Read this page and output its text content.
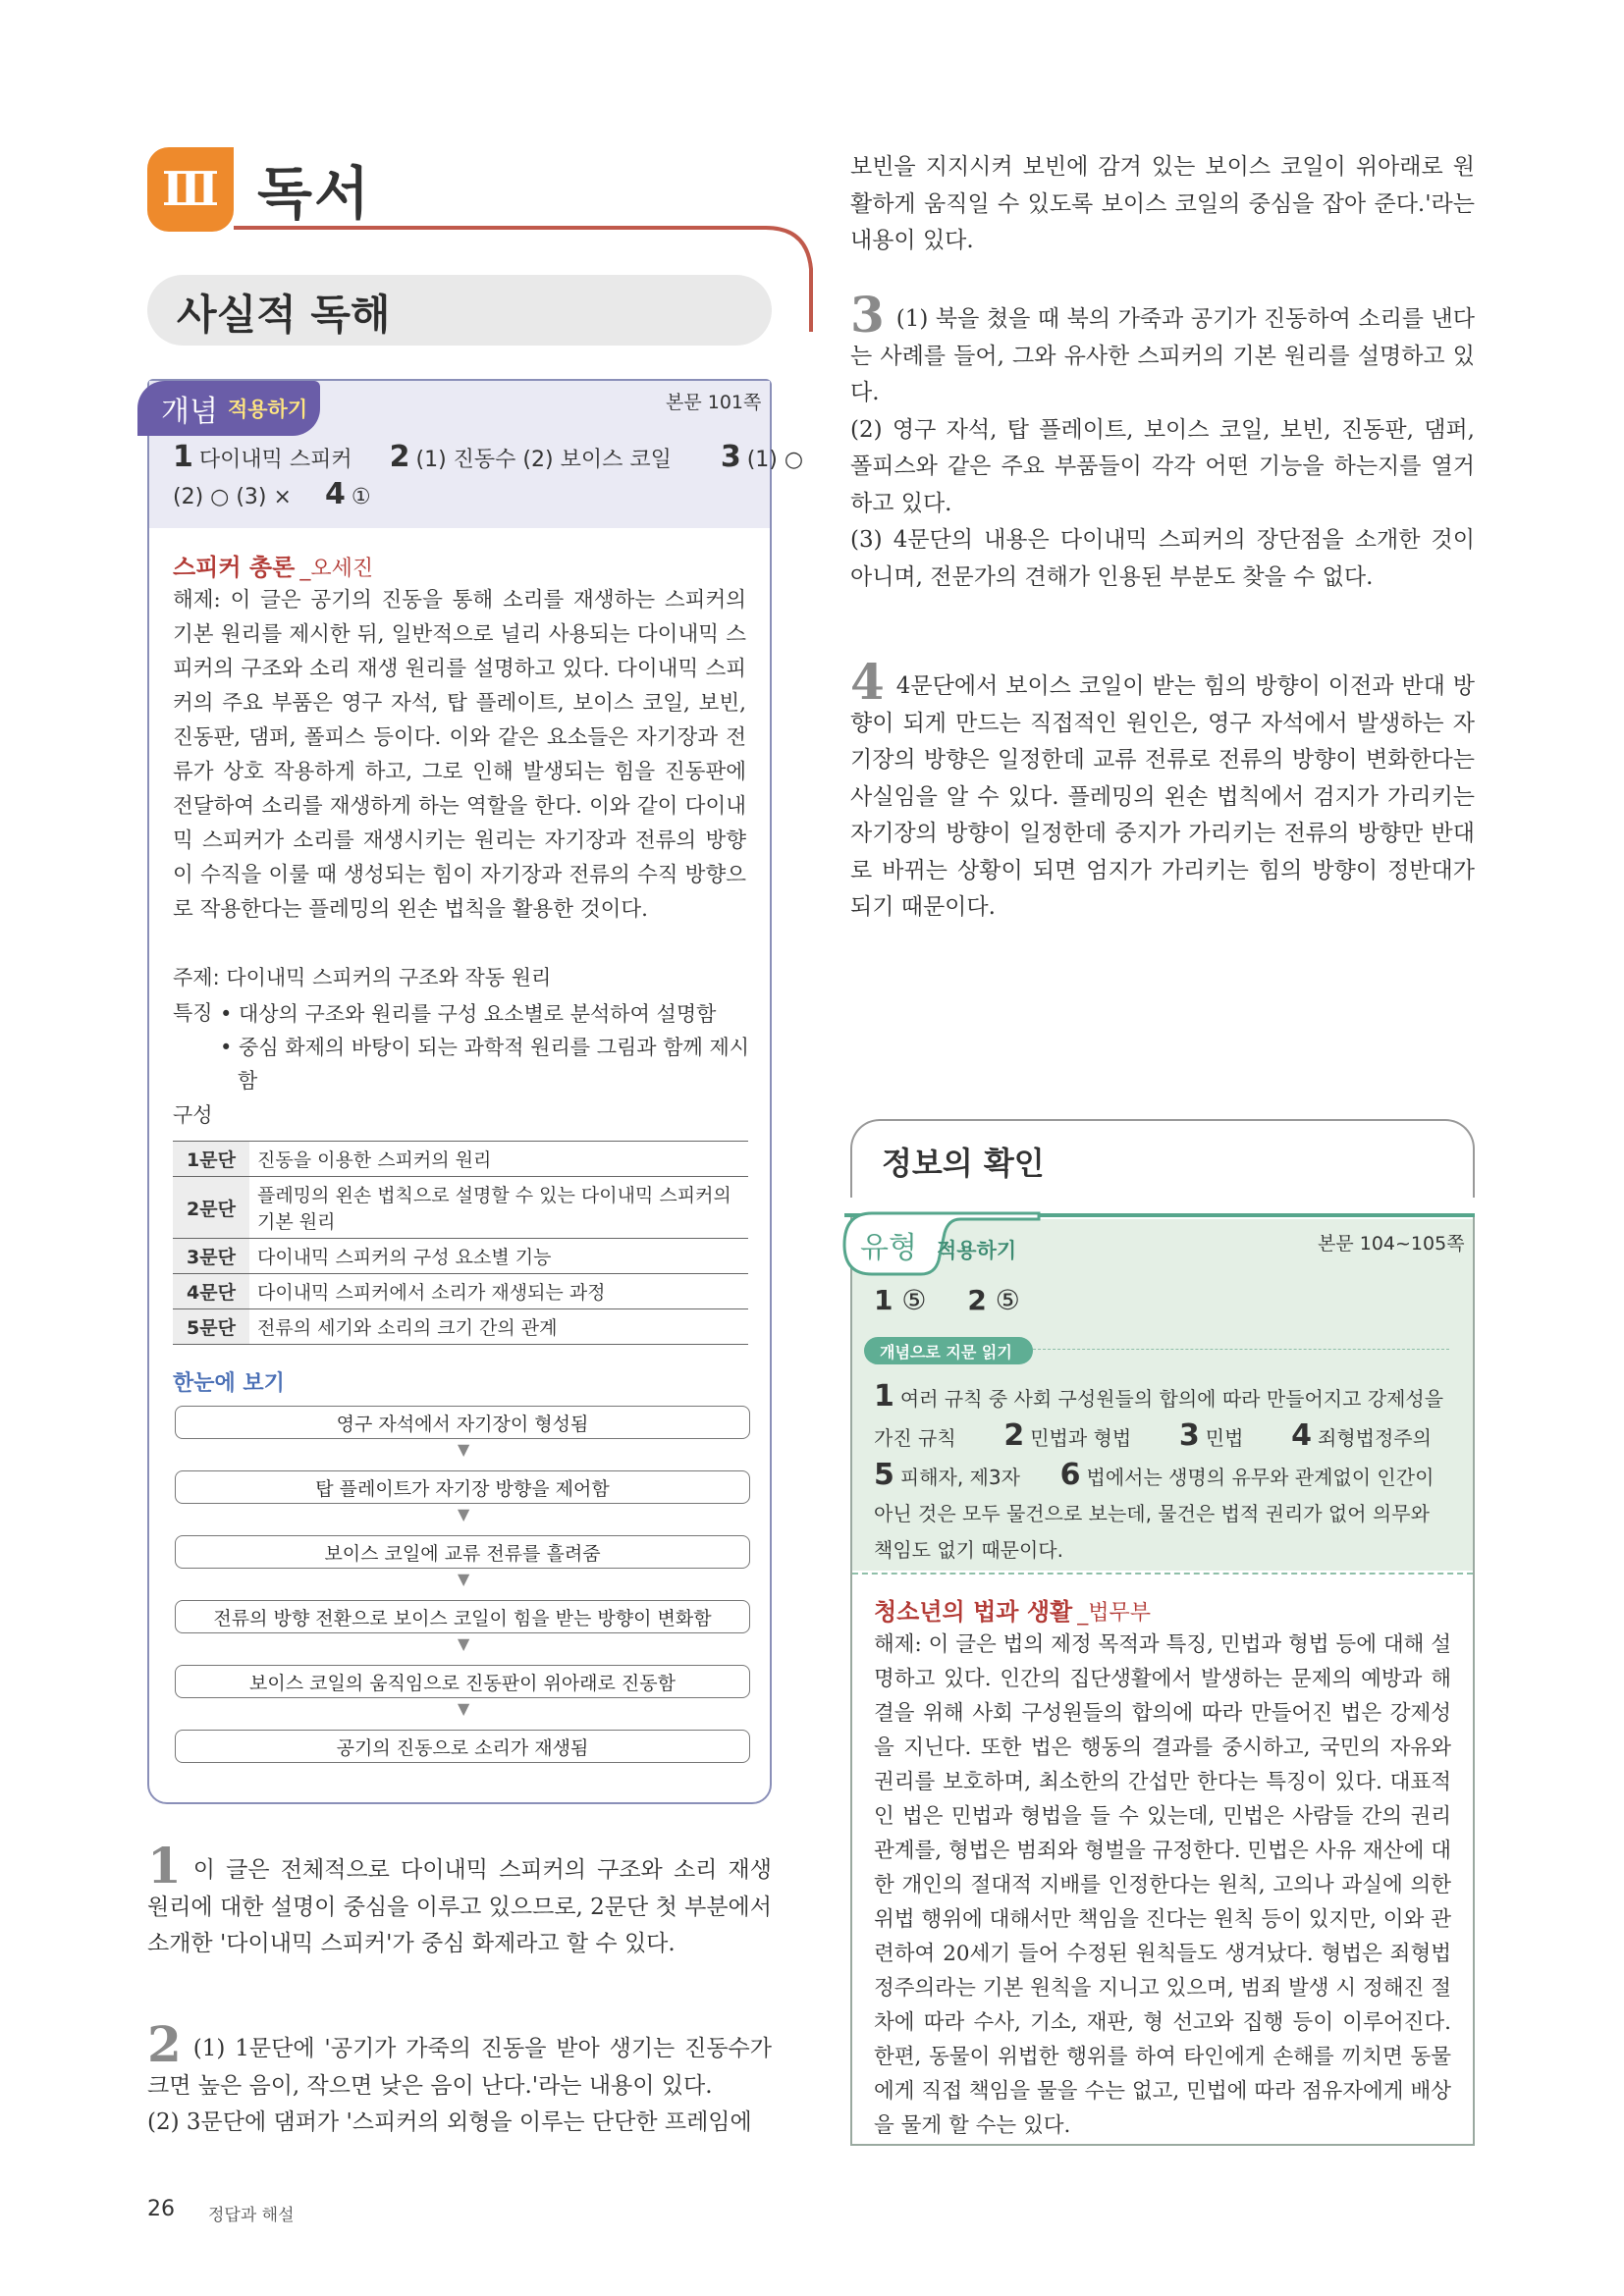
Ⅲ 독서
사실적 독해
개념 적용하기	본문 101쪽
1 다이내믹 스피커 2 (1) 진동수 (2) 보이스 코일 3 (1) ○
(2) ○ (3) × 4 ①
스피커 총론 _오세진
해제: 이 글은 공기의 진동을 통해 소리를 재생하는 스피커의 기본 원리를 제시한 뒤, 일반적으로 널리 사용되는 다이내믹 스피커의 구조와 소리 재생 원리를 설명하고 있다. 다이내믹 스피커의 주요 부품은 영구 자석, 탑 플레이트, 보이스 코일, 보빈, 진동판, 댐퍼, 폴피스 등이다. 이와 같은 요소들은 자기장과 전류가 상호 작용하게 하고, 그로 인해 발생되는 힘을 진동판에 전달하여 소리를 재생하게 하는 역할을 한다. 이와 같이 다이내믹 스피커가 소리를 재생시키는 원리는 자기장과 전류의 방향이 수직을 이룰 때 생성되는 힘이 자기장과 전류의 수직 방향으로 작용한다는 플레밍의 왼손 법칙을 활용한 것이다.
주제: 다이내믹 스피커의 구조와 작동 원리
특징 • 대상의 구조와 원리를 구성 요소별로 분석하여 설명함
• 중심 화제의 바탕이 되는 과학적 원리를 그림과 함께 제시함
구성
1문단	진동을 이용한 스피커의 원리
2문단	플레밍의 왼손 법칙으로 설명할 수 있는 다이내믹 스피커의 기본 원리
3문단	다이내믹 스피커의 구성 요소별 기능
4문단	다이내믹 스피커에서 소리가 재생되는 과정
5문단	전류의 세기와 소리의 크기 간의 관계
한눈에 보기
영구 자석에서 자기장이 형성됨
▼
탑 플레이트가 자기장 방향을 제어함
▼
보이스 코일에 교류 전류를 흘려줌
▼
전류의 방향 전환으로 보이스 코일이 힘을 받는 방향이 변화함
▼
보이스 코일의 움직임으로 진동판이 위아래로 진동함
▼
공기의 진동으로 소리가 재생됨
1 이 글은 전체적으로 다이내믹 스피커의 구조와 소리 재생 원리에 대한 설명이 중심을 이루고 있으므로, 2문단 첫 부분에서 소개한 '다이내믹 스피커'가 중심 화제라고 할 수 있다.
2 (1) 1문단에 '공기가 가죽의 진동을 받아 생기는 진동수가 크면 높은 음이, 작으면 낮은 음이 난다.'라는 내용이 있다.
(2) 3문단에 댐퍼가 '스피커의 외형을 이루는 단단한 프레임에
보빈을 지지시켜 보빈에 감겨 있는 보이스 코일이 위아래로 원활하게 움직일 수 있도록 보이스 코일의 중심을 잡아 준다.'라는 내용이 있다.
3 (1) 북을 쳤을 때 북의 가죽과 공기가 진동하여 소리를 낸다는 사례를 들어, 그와 유사한 스피커의 기본 원리를 설명하고 있다.
(2) 영구 자석, 탑 플레이트, 보이스 코일, 보빈, 진동판, 댐퍼, 폴피스와 같은 주요 부품들이 각각 어떤 기능을 하는지를 열거하고 있다.
(3) 4문단의 내용은 다이내믹 스피커의 장단점을 소개한 것이 아니며, 전문가의 견해가 인용된 부분도 찾을 수 없다.
4 4문단에서 보이스 코일이 받는 힘의 방향이 이전과 반대 방향이 되게 만드는 직접적인 원인은, 영구 자석에서 발생하는 자기장의 방향은 일정한데 교류 전류로 전류의 방향이 변화한다는 사실임을 알 수 있다. 플레밍의 왼손 법칙에서 검지가 가리키는 자기장의 방향이 일정한데 중지가 가리키는 전류의 방향만 반대로 바뀌는 상황이 되면 엄지가 가리키는 힘의 방향이 정반대가 되기 때문이다.
정보의 확인
유형 적용하기	본문 104~105쪽
1 ⑤ 2 ⑤
개념으로 지문 읽기
1 여러 규칙 중 사회 구성원들의 합의에 따라 만들어지고 강제성을
가진 규칙 2 민법과 형법 3 민법 4 죄형법정주의
5 피해자, 제3자 6 법에서는 생명의 유무와 관계없이 인간이
아닌 것은 모두 물건으로 보는데, 물건은 법적 권리가 없어 의무와
책임도 없기 때문이다.
청소년의 법과 생활 _법무부
해제: 이 글은 법의 제정 목적과 특징, 민법과 형법 등에 대해 설명하고 있다. 인간의 집단생활에서 발생하는 문제의 예방과 해결을 위해 사회 구성원들의 합의에 따라 만들어진 법은 강제성을 지닌다. 또한 법은 행동의 결과를 중시하고, 국민의 자유와 권리를 보호하며, 최소한의 간섭만 한다는 특징이 있다. 대표적인 법은 민법과 형법을 들 수 있는데, 민법은 사람들 간의 권리관계를, 형법은 범죄와 형벌을 규정한다. 민법은 사유 재산에 대한 개인의 절대적 지배를 인정한다는 원칙, 고의나 과실에 의한 위법 행위에 대해서만 책임을 진다는 원칙 등이 있지만, 이와 관련하여 20세기 들어 수정된 원칙들도 생겨났다. 형법은 죄형법정주의라는 기본 원칙을 지니고 있으며, 범죄 발생 시 정해진 절차에 따라 수사, 기소, 재판, 형 선고와 집행 등이 이루어진다. 한편, 동물이 위법한 행위를 하여 타인에게 손해를 끼치면 동물에게 직접 책임을 물을 수는 없고, 민법에 따라 점유자에게 배상을 물게 할 수는 있다.
26 정답과 해설
